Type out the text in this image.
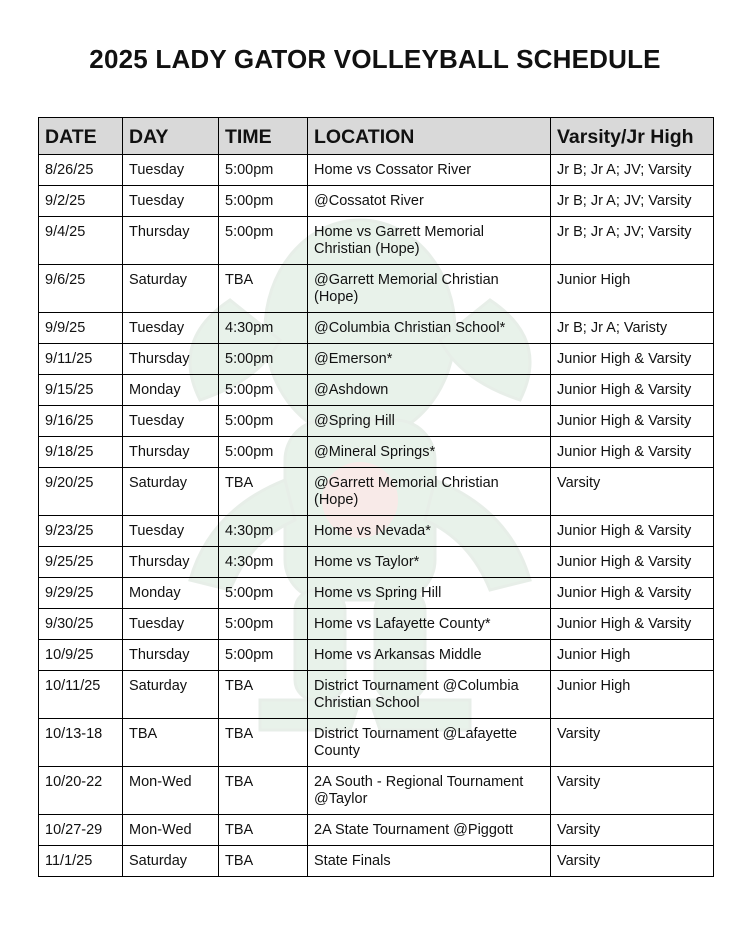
2025 LADY GATOR VOLLEYBALL SCHEDULE
DATE	DAY	TIME	LOCATION	Varsity/Jr High
8/26/25	Tuesday	5:00pm	Home vs Cossator River	Jr B; Jr A; JV; Varsity
9/2/25	Tuesday	5:00pm	@Cossatot River	Jr B; Jr A; JV; Varsity
9/4/25	Thursday	5:00pm	Home vs Garrett Memorial Christian (Hope)	Jr B; Jr A; JV; Varsity
9/6/25	Saturday	TBA	@Garrett Memorial Christian (Hope)	Junior High
9/9/25	Tuesday	4:30pm	@Columbia Christian School*	Jr B; Jr A; Varisty
9/11/25	Thursday	5:00pm	@Emerson*	Junior High & Varsity
9/15/25	Monday	5:00pm	@Ashdown	Junior High & Varsity
9/16/25	Tuesday	5:00pm	@Spring Hill	Junior High & Varsity
9/18/25	Thursday	5:00pm	@Mineral Springs*	Junior High & Varsity
9/20/25	Saturday	TBA	@Garrett Memorial Christian (Hope)	Varsity
9/23/25	Tuesday	4:30pm	Home vs Nevada*	Junior High & Varsity
9/25/25	Thursday	4:30pm	Home vs Taylor*	Junior High & Varsity
9/29/25	Monday	5:00pm	Home vs Spring Hill	Junior High & Varsity
9/30/25	Tuesday	5:00pm	Home vs Lafayette County*	Junior High & Varsity
10/9/25	Thursday	5:00pm	Home vs Arkansas Middle	Junior High
10/11/25	Saturday	TBA	District Tournament @Columbia Christian School	Junior High
10/13-18	TBA	TBA	District Tournament @Lafayette County	Varsity
10/20-22	Mon-Wed	TBA	2A South - Regional Tournament @Taylor	Varsity
10/27-29	Mon-Wed	TBA	2A State Tournament @Piggott	Varsity
11/1/25	Saturday	TBA	State Finals	Varsity
